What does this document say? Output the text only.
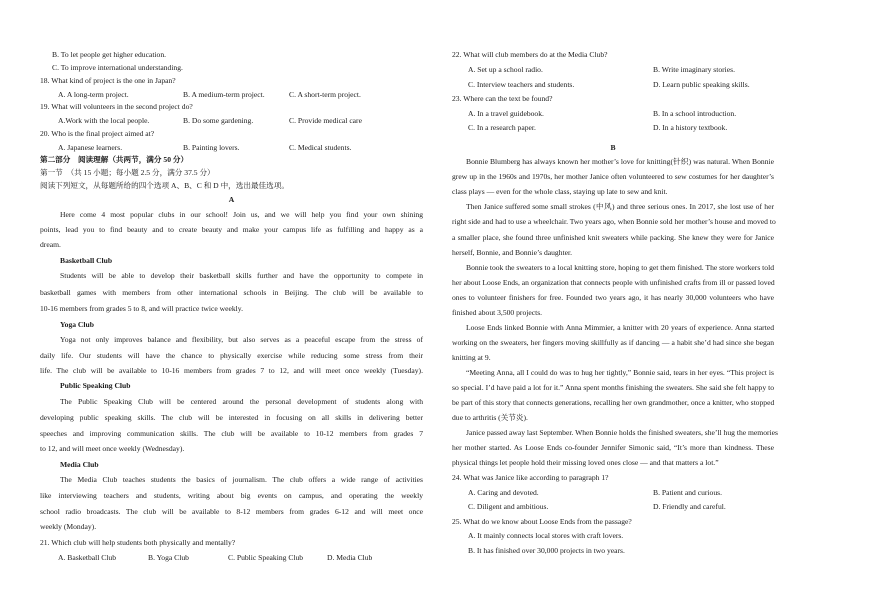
B. To let people get higher education.
C. To improve international understanding.
18. What kind of project is the one in Japan?
A. A long-term project.	B. A medium-term project.	C. A short-term project.
19. What will volunteers in the second project do?
A.Work with the local people.	B. Do some gardening.	C. Provide medical care
20. Who is the final project aimed at?
A. Japanese learners.	B. Painting lovers.	C. Medical students.
第二部分　阅读理解（共两节，满分 50 分）
第一节　（共 15 小题；每小题 2.5 分，满分 37.5 分）
阅读下列短文，从每题所给的四个选项 A、B、C 和 D 中，选出最佳选项。
A
Here come 4 most popular clubs in our school! Join us, and we will help you find your own shining
points, lead you to find beauty and to create beauty and make your campus life as fulfilling and happy as a
dream.
Basketball Club
Students will be able to develop their basketball skills further and have the opportunity to compete in
basketball games with members from other international schools in Beijing. The club will be available to
10-16 members from grades 5 to 8, and will practice twice weekly.
Yoga Club
Yoga not only improves balance and flexibility, but also serves as a peaceful escape from the stress of
daily life. Our students will have the chance to physically exercise while reducing some stress from their
life. The club will be available to 10-16 members from grades 7 to 12, and will meet once weekly (Tuesday).
Public Speaking Club
The Public Speaking Club will be centered around the personal development of students along with
developing public speaking skills. The club will be interested in focusing on all skills in delivering better
speeches and improving communication skills. The club will be available to 10-12 members from grades 7
to 12, and will meet once weekly (Wednesday).
Media Club
The Media Club teaches students the basics of journalism. The club offers a wide range of activities
like interviewing teachers and students, writing about big events on campus, and operating the weekly
school radio broadcasts. The club will be available to 8-12 members from grades 6-12 and will meet once
weekly (Monday).
21. Which club will help students both physically and mentally?
A. Basketball Club	B. Yoga Club	C. Public Speaking Club	D. Media Club
22. What will club members do at the Media Club?
A. Set up a school radio.	B. Write imaginary stories.
C. Interview teachers and students.	D. Learn public speaking skills.
23. Where can the text be found?
A. In a travel guidebook.	B. In a school introduction.
C. In a research paper.	D. In a history textbook.
B
Bonnie Blumberg has always known her mother’s love for knitting(针织) was natural. When Bonnie
grew up in the 1960s and 1970s, her mother Janice often volunteered to sew costumes for her daughter’s
class plays — even for the whole class, staying up late to sew and knit.
Then Janice suffered some small strokes (中风) and three serious ones. In 2017, she lost use of her
right side and had to use a wheelchair. Two years ago, when Bonnie sold her mother’s house and moved to
a smaller place, she found three unfinished knit sweaters while packing. She knew they were for Janice
herself, Bonnie, and Bonnie’s daughter.
Bonnie took the sweaters to a local knitting store, hoping to get them finished. The store workers told
her about Loose Ends, an organization that connects people with unfinished crafts from ill or passed loved
ones to volunteer finishers for free. Founded two years ago, it has nearly 30,000 volunteers who have
finished about 3,500 projects.
Loose Ends linked Bonnie with Anna Mimmier, a knitter with 20 years of experience. Anna started
working on the sweaters, her fingers moving skillfully as if dancing — a habit she’d had since she began
knitting at 9.
“Meeting Anna, all I could do was to hug her tightly,” Bonnie said, tears in her eyes. “This project is
so special. I’d have paid a lot for it.” Anna spent months finishing the sweaters. She said she felt happy to
be part of this story that connects generations, recalling her own grandmother, once a knitter, who stopped
due to arthritis (关节炎).
Janice passed away last September. When Bonnie holds the finished sweaters, she’ll hug the memories
her mother started. As Loose Ends co-founder Jennifer Simonic said, “It’s more than kindness. These
physical things let people hold their missing loved ones close — and that matters a lot.”
24. What was Janice like according to paragraph 1?
A. Caring and devoted.	B. Patient and curious.
C. Diligent and ambitious.	D. Friendly and careful.
25. What do we know about Loose Ends from the passage?
A. It mainly connects local stores with craft lovers.
B. It has finished over 30,000 projects in two years.
